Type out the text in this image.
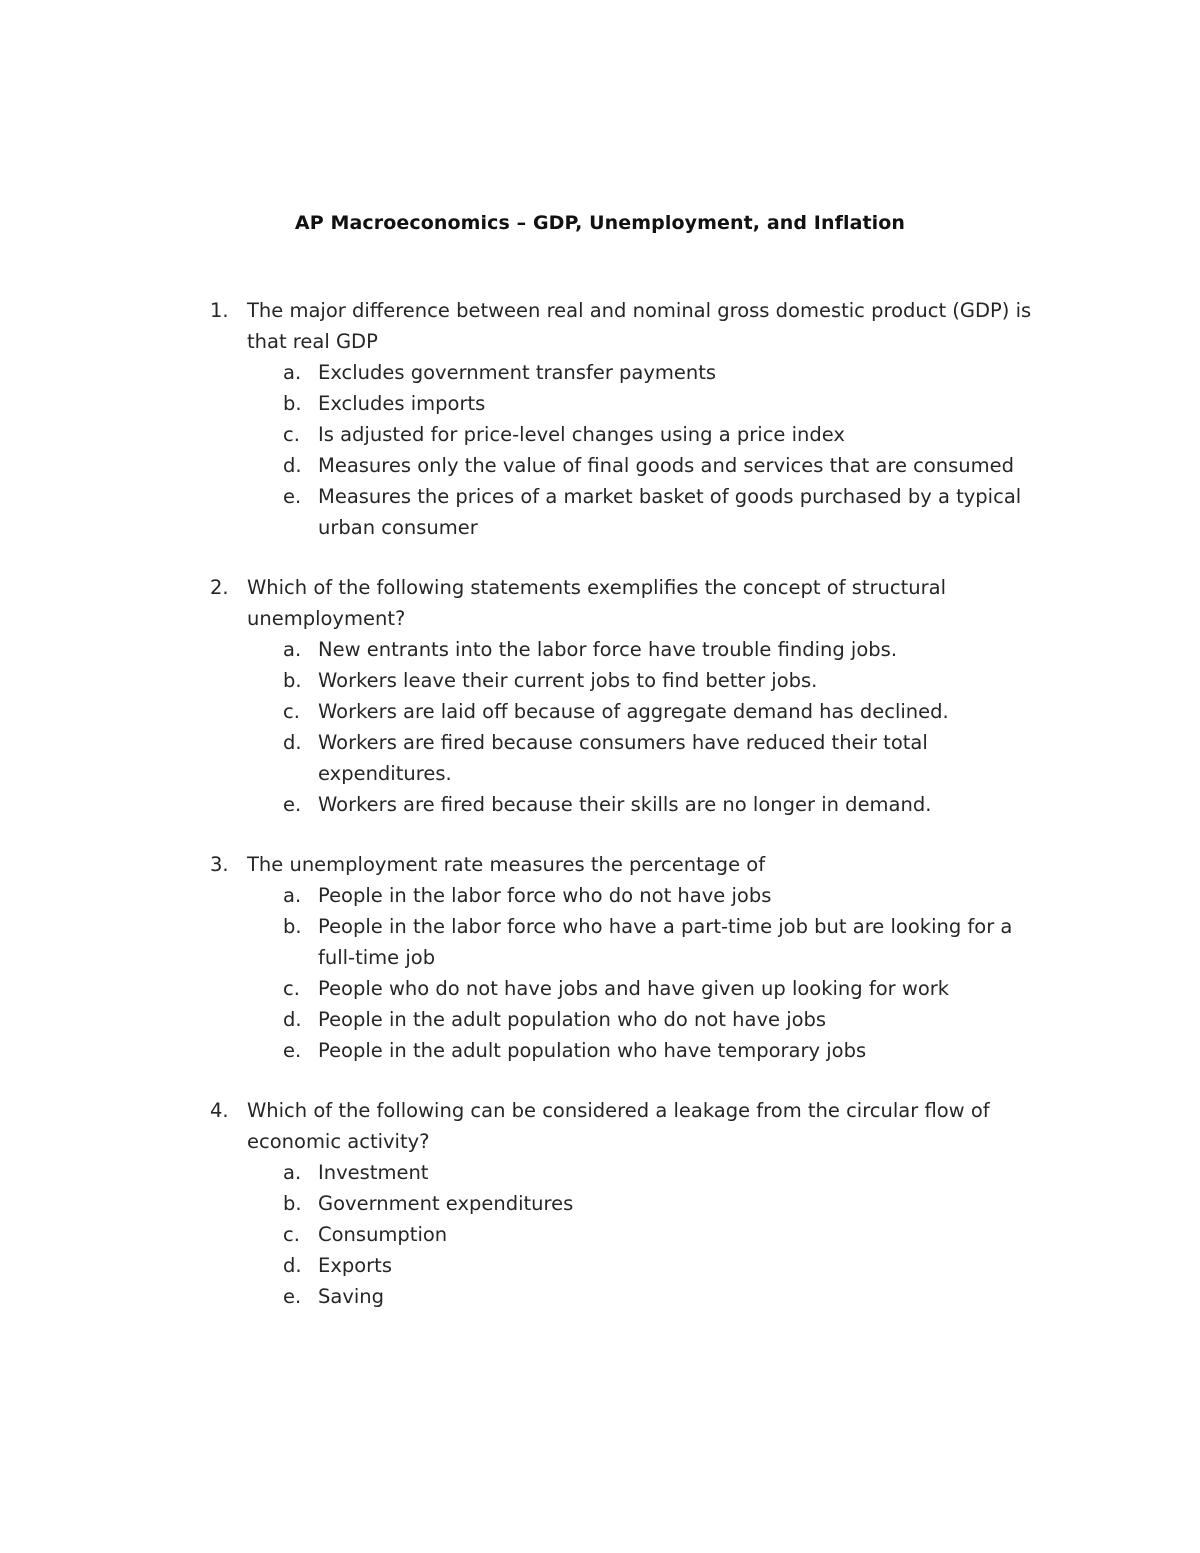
AP Macroeconomics – GDP, Unemployment, and Inflation
1. The major difference between real and nominal gross domestic product (GDP) is that real GDP
a. Excludes government transfer payments
b. Excludes imports
c. Is adjusted for price-level changes using a price index
d. Measures only the value of final goods and services that are consumed
e. Measures the prices of a market basket of goods purchased by a typical urban consumer
2. Which of the following statements exemplifies the concept of structural unemployment?
a. New entrants into the labor force have trouble finding jobs.
b. Workers leave their current jobs to find better jobs.
c. Workers are laid off because of aggregate demand has declined.
d. Workers are fired because consumers have reduced their total expenditures.
e. Workers are fired because their skills are no longer in demand.
3. The unemployment rate measures the percentage of
a. People in the labor force who do not have jobs
b. People in the labor force who have a part-time job but are looking for a full-time job
c. People who do not have jobs and have given up looking for work
d. People in the adult population who do not have jobs
e. People in the adult population who have temporary jobs
4. Which of the following can be considered a leakage from the circular flow of economic activity?
a. Investment
b. Government expenditures
c. Consumption
d. Exports
e. Saving
